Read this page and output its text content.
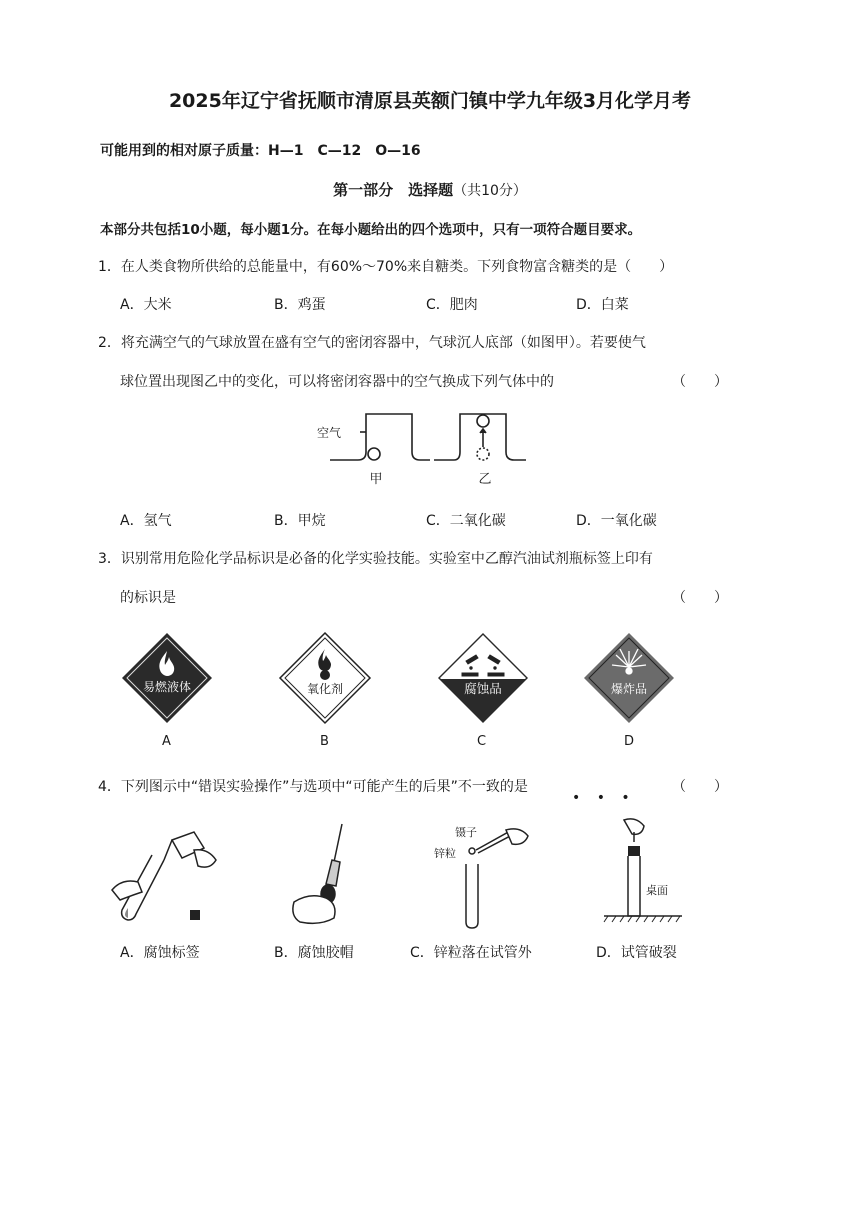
2025年辽宁省抚顺市清原县英额门镇中学九年级3月化学月考
可能用到的相对原子质量：H—1　C—12　O—16
第一部分　选择题（共10分）
本部分共包括10小题，每小题1分。在每小题给出的四个选项中，只有一项符合题目要求。
1．在人类食物所供给的总能量中，有60%～70%来自糖类。下列食物富含糖类的是（　　）
A．大米	B．鸡蛋	C．肥肉	D．白菜
2．将充满空气的气球放置在盛有空气的密闭容器中，气球沉人底部（如图甲）。若要使气
球位置出现图乙中的变化，可以将密闭容器中的空气换成下列气体中的	（　　）
空气
甲	乙
A．氢气	B．甲烷	C．二氧化碳	D．一氧化碳
3．识别常用危险化学品标识是必备的化学实验技能。实验室中乙醇汽油试剂瓶标签上印有
的标识是	（　　）
易燃液体
A
氧化剂
B
腐蚀品
C
爆炸品
D
4．下列图示中“错误实验操作”与选项中“可能产生的后果”不一致的是
• • •
（　　）
镊子
锌粒
桌面
A．腐蚀标签	B．腐蚀胶帽	C．锌粒落在试管外	D．试管破裂
